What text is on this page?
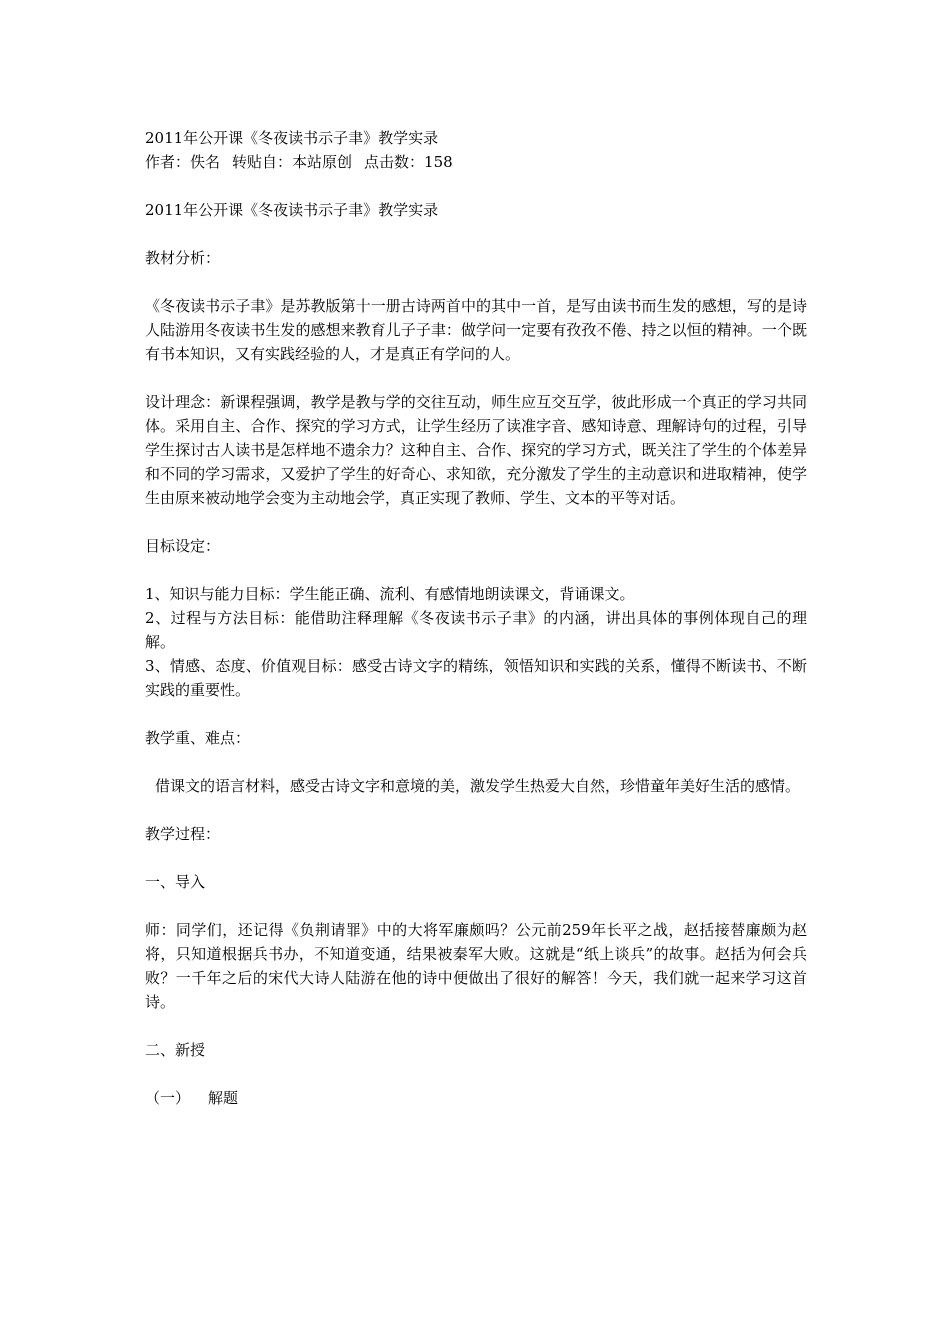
2011年公开课《冬夜读书示子聿》教学实录

作者：佚名 转贴自：本站原创 点击数：158

2011年公开课《冬夜读书示子聿》教学实录

教材分析：

《冬夜读书示子聿》是苏教版第十一册古诗两首中的其中一首，是写由读书而生发的感想，写的是诗人陆游用冬夜读书生发的感想来教育儿子子聿：做学问一定要有孜孜不倦、持之以恒的精神。一个既有书本知识，又有实践经验的人，才是真正有学问的人。

设计理念：新课程强调，教学是教与学的交往互动，师生应互交互学，彼此形成一个真正的学习共同体。采用自主、合作、探究的学习方式，让学生经历了读准字音、感知诗意、理解诗句的过程，引导学生探讨古人读书是怎样地不遗余力？这种自主、合作、探究的学习方式，既关注了学生的个体差异和不同的学习需求，又爱护了学生的好奇心、求知欲，充分激发了学生的主动意识和进取精神，使学生由原来被动地学会变为主动地会学，真正实现了教师、学生、文本的平等对话。

目标设定：

1、知识与能力目标：学生能正确、流利、有感情地朗读课文，背诵课文。

2、过程与方法目标：能借助注释理解《冬夜读书示子聿》的内涵，讲出具体的事例体现自己的理解。

3、情感、态度、价值观目标：感受古诗文字的精练，领悟知识和实践的关系，懂得不断读书、不断实践的重要性。

教学重、难点：

借课文的语言材料，感受古诗文字和意境的美，激发学生热爱大自然，珍惜童年美好生活的感情。

教学过程：

一、导入

师：同学们，还记得《负荆请罪》中的大将军廉颇吗？公元前259年长平之战，赵括接替廉颇为赵将，只知道根据兵书办，不知道变通，结果被秦军大败。这就是“纸上谈兵”的故事。赵括为何会兵败？一千年之后的宋代大诗人陆游在他的诗中便做出了很好的解答！今天，我们就一起来学习这首诗。

二、新授

（一） 解题
